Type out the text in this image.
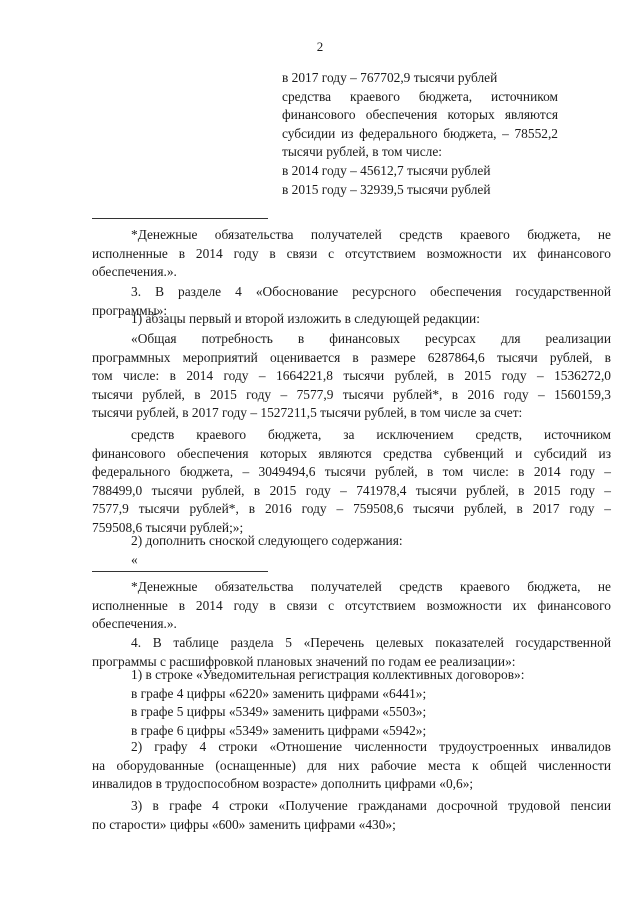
2
в 2017 году – 767702,9 тысячи рублей
средства краевого бюджета, источником
финансового обеспечения которых являются
субсидии из федерального бюджета, – 78552,2
тысячи рублей, в том числе:
в 2014 году – 45612,7 тысячи рублей
в 2015 году – 32939,5 тысячи рублей
*Денежные обязательства получателей средств краевого бюджета, не
исполненные в 2014 году в связи с отсутствием возможности их финансового
обеспечения.».
3. В разделе 4 «Обоснование ресурсного обеспечения государственной
программы»:
1) абзацы первый и второй изложить в следующей редакции:
«Общая потребность в финансовых ресурсах для реализации
программных мероприятий оценивается в размере 6287864,6 тысячи рублей, в
том числе: в 2014 году – 1664221,8 тысячи рублей, в 2015 году – 1536272,0
тысячи рублей, в 2015 году – 7577,9 тысячи рублей*, в 2016 году – 1560159,3
тысячи рублей, в 2017 году – 1527211,5 тысячи рублей, в том числе за счет:
средств краевого бюджета, за исключением средств, источником
финансового обеспечения которых являются средства субвенций и субсидий из
федерального бюджета, – 3049494,6 тысячи рублей, в том числе: в 2014 году –
788499,0 тысячи рублей, в 2015 году – 741978,4 тысячи рублей, в 2015 году –
7577,9 тысячи рублей*, в 2016 году – 759508,6 тысячи рублей, в 2017 году –
759508,6 тысячи рублей;»;
2) дополнить сноской следующего содержания:
«
*Денежные обязательства получателей средств краевого бюджета, не
исполненные в 2014 году в связи с отсутствием возможности их финансового
обеспечения.».
4. В таблице раздела 5 «Перечень целевых показателей государственной
программы с расшифровкой плановых значений по годам ее реализации»:
1) в строке «Уведомительная регистрация коллективных договоров»:
в графе 4 цифры «6220» заменить цифрами «6441»;
в графе 5 цифры «5349» заменить цифрами «5503»;
в графе 6 цифры «5349» заменить цифрами «5942»;
2) графу 4 строки «Отношение численности трудоустроенных инвалидов
на оборудованные (оснащенные) для них рабочие места к общей численности
инвалидов в трудоспособном возрасте» дополнить цифрами «0,6»;
3) в графе 4 строки «Получение гражданами досрочной трудовой пенсии
по старости» цифры «600» заменить цифрами «430»;
